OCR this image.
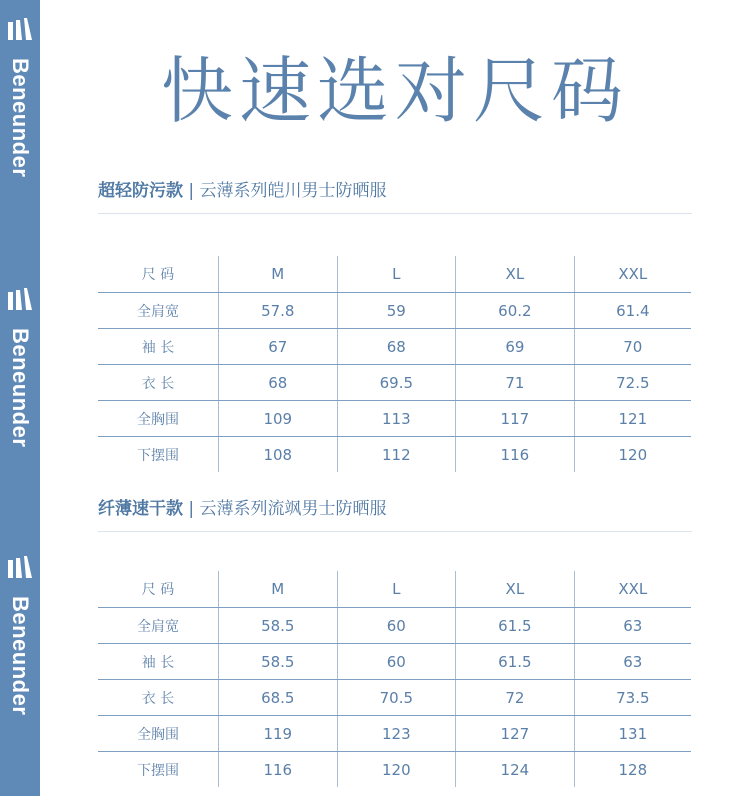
Beneunder
Beneunder
Beneunder
快速选对尺码
超轻防污款 | 云薄系列皑川男士防晒服
尺 码	M	L	XL	XXL
全肩宽	57.8	59	60.2	61.4
袖 长	67	68	69	70
衣 长	68	69.5	71	72.5
全胸围	109	113	117	121
下摆围	108	112	116	120
纤薄速干款 | 云薄系列流飒男士防晒服
尺 码	M	L	XL	XXL
全肩宽	58.5	60	61.5	63
袖 长	58.5	60	61.5	63
衣 长	68.5	70.5	72	73.5
全胸围	119	123	127	131
下摆围	116	120	124	128
